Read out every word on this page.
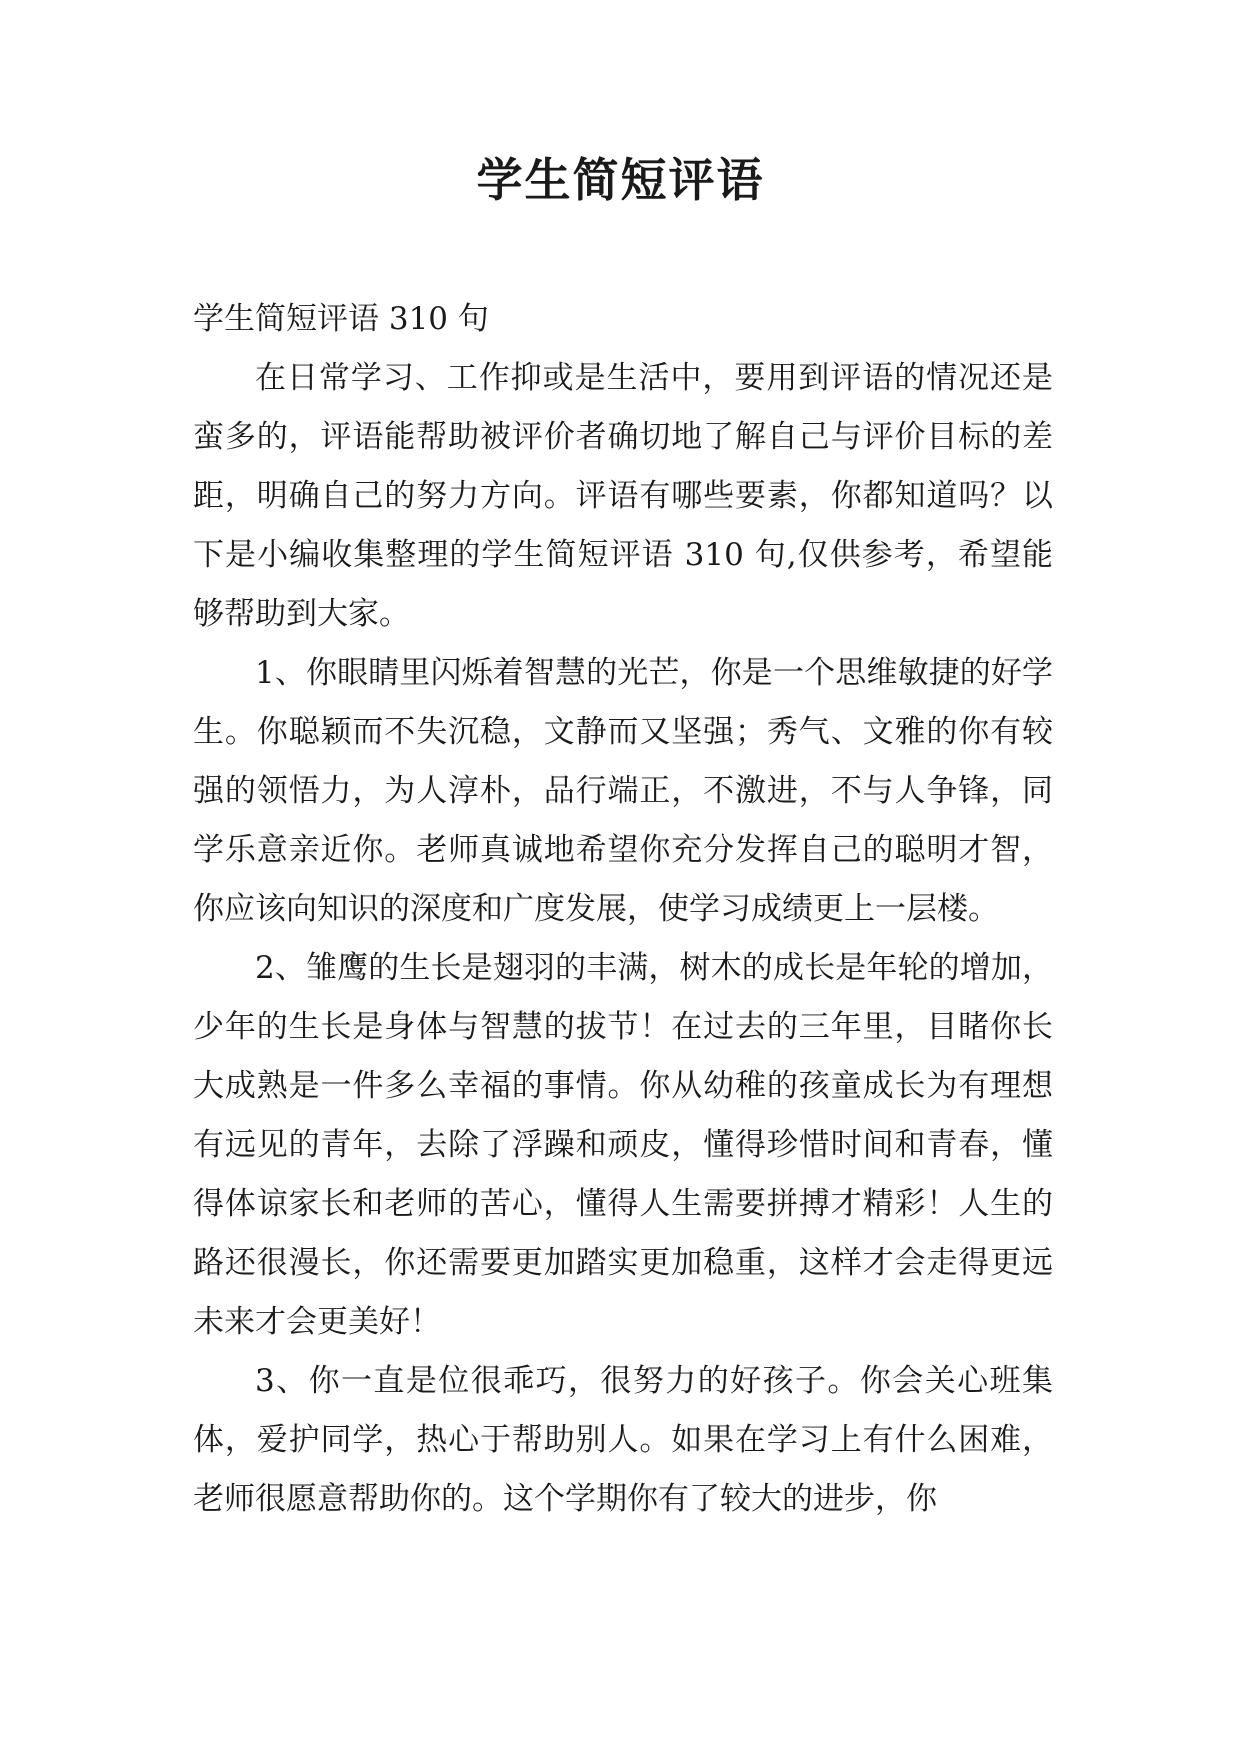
学生简短评语

学生简短评语 310 句

在日常学习、工作抑或是生活中，要用到评语的情况还是蛮多的，评语能帮助被评价者确切地了解自己与评价目标的差距，明确自己的努力方向。评语有哪些要素，你都知道吗？以下是小编收集整理的学生简短评语 310 句,仅供参考，希望能够帮助到大家。

1、你眼睛里闪烁着智慧的光芒，你是一个思维敏捷的好学生。你聪颖而不失沉稳，文静而又坚强；秀气、文雅的你有较强的领悟力，为人淳朴，品行端正，不激进，不与人争锋，同学乐意亲近你。老师真诚地希望你充分发挥自己的聪明才智，你应该向知识的深度和广度发展，使学习成绩更上一层楼。

2、雏鹰的生长是翅羽的丰满，树木的成长是年轮的增加，少年的生长是身体与智慧的拔节！在过去的三年里，目睹你长大成熟是一件多么幸福的事情。你从幼稚的孩童成长为有理想有远见的青年，去除了浮躁和顽皮，懂得珍惜时间和青春，懂得体谅家长和老师的苦心，懂得人生需要拼搏才精彩！人生的路还很漫长，你还需要更加踏实更加稳重，这样才会走得更远未来才会更美好！

3、你一直是位很乖巧，很努力的好孩子。你会关心班集体，爱护同学，热心于帮助别人。如果在学习上有什么困难，老师很愿意帮助你的。这个学期你有了较大的进步，你
